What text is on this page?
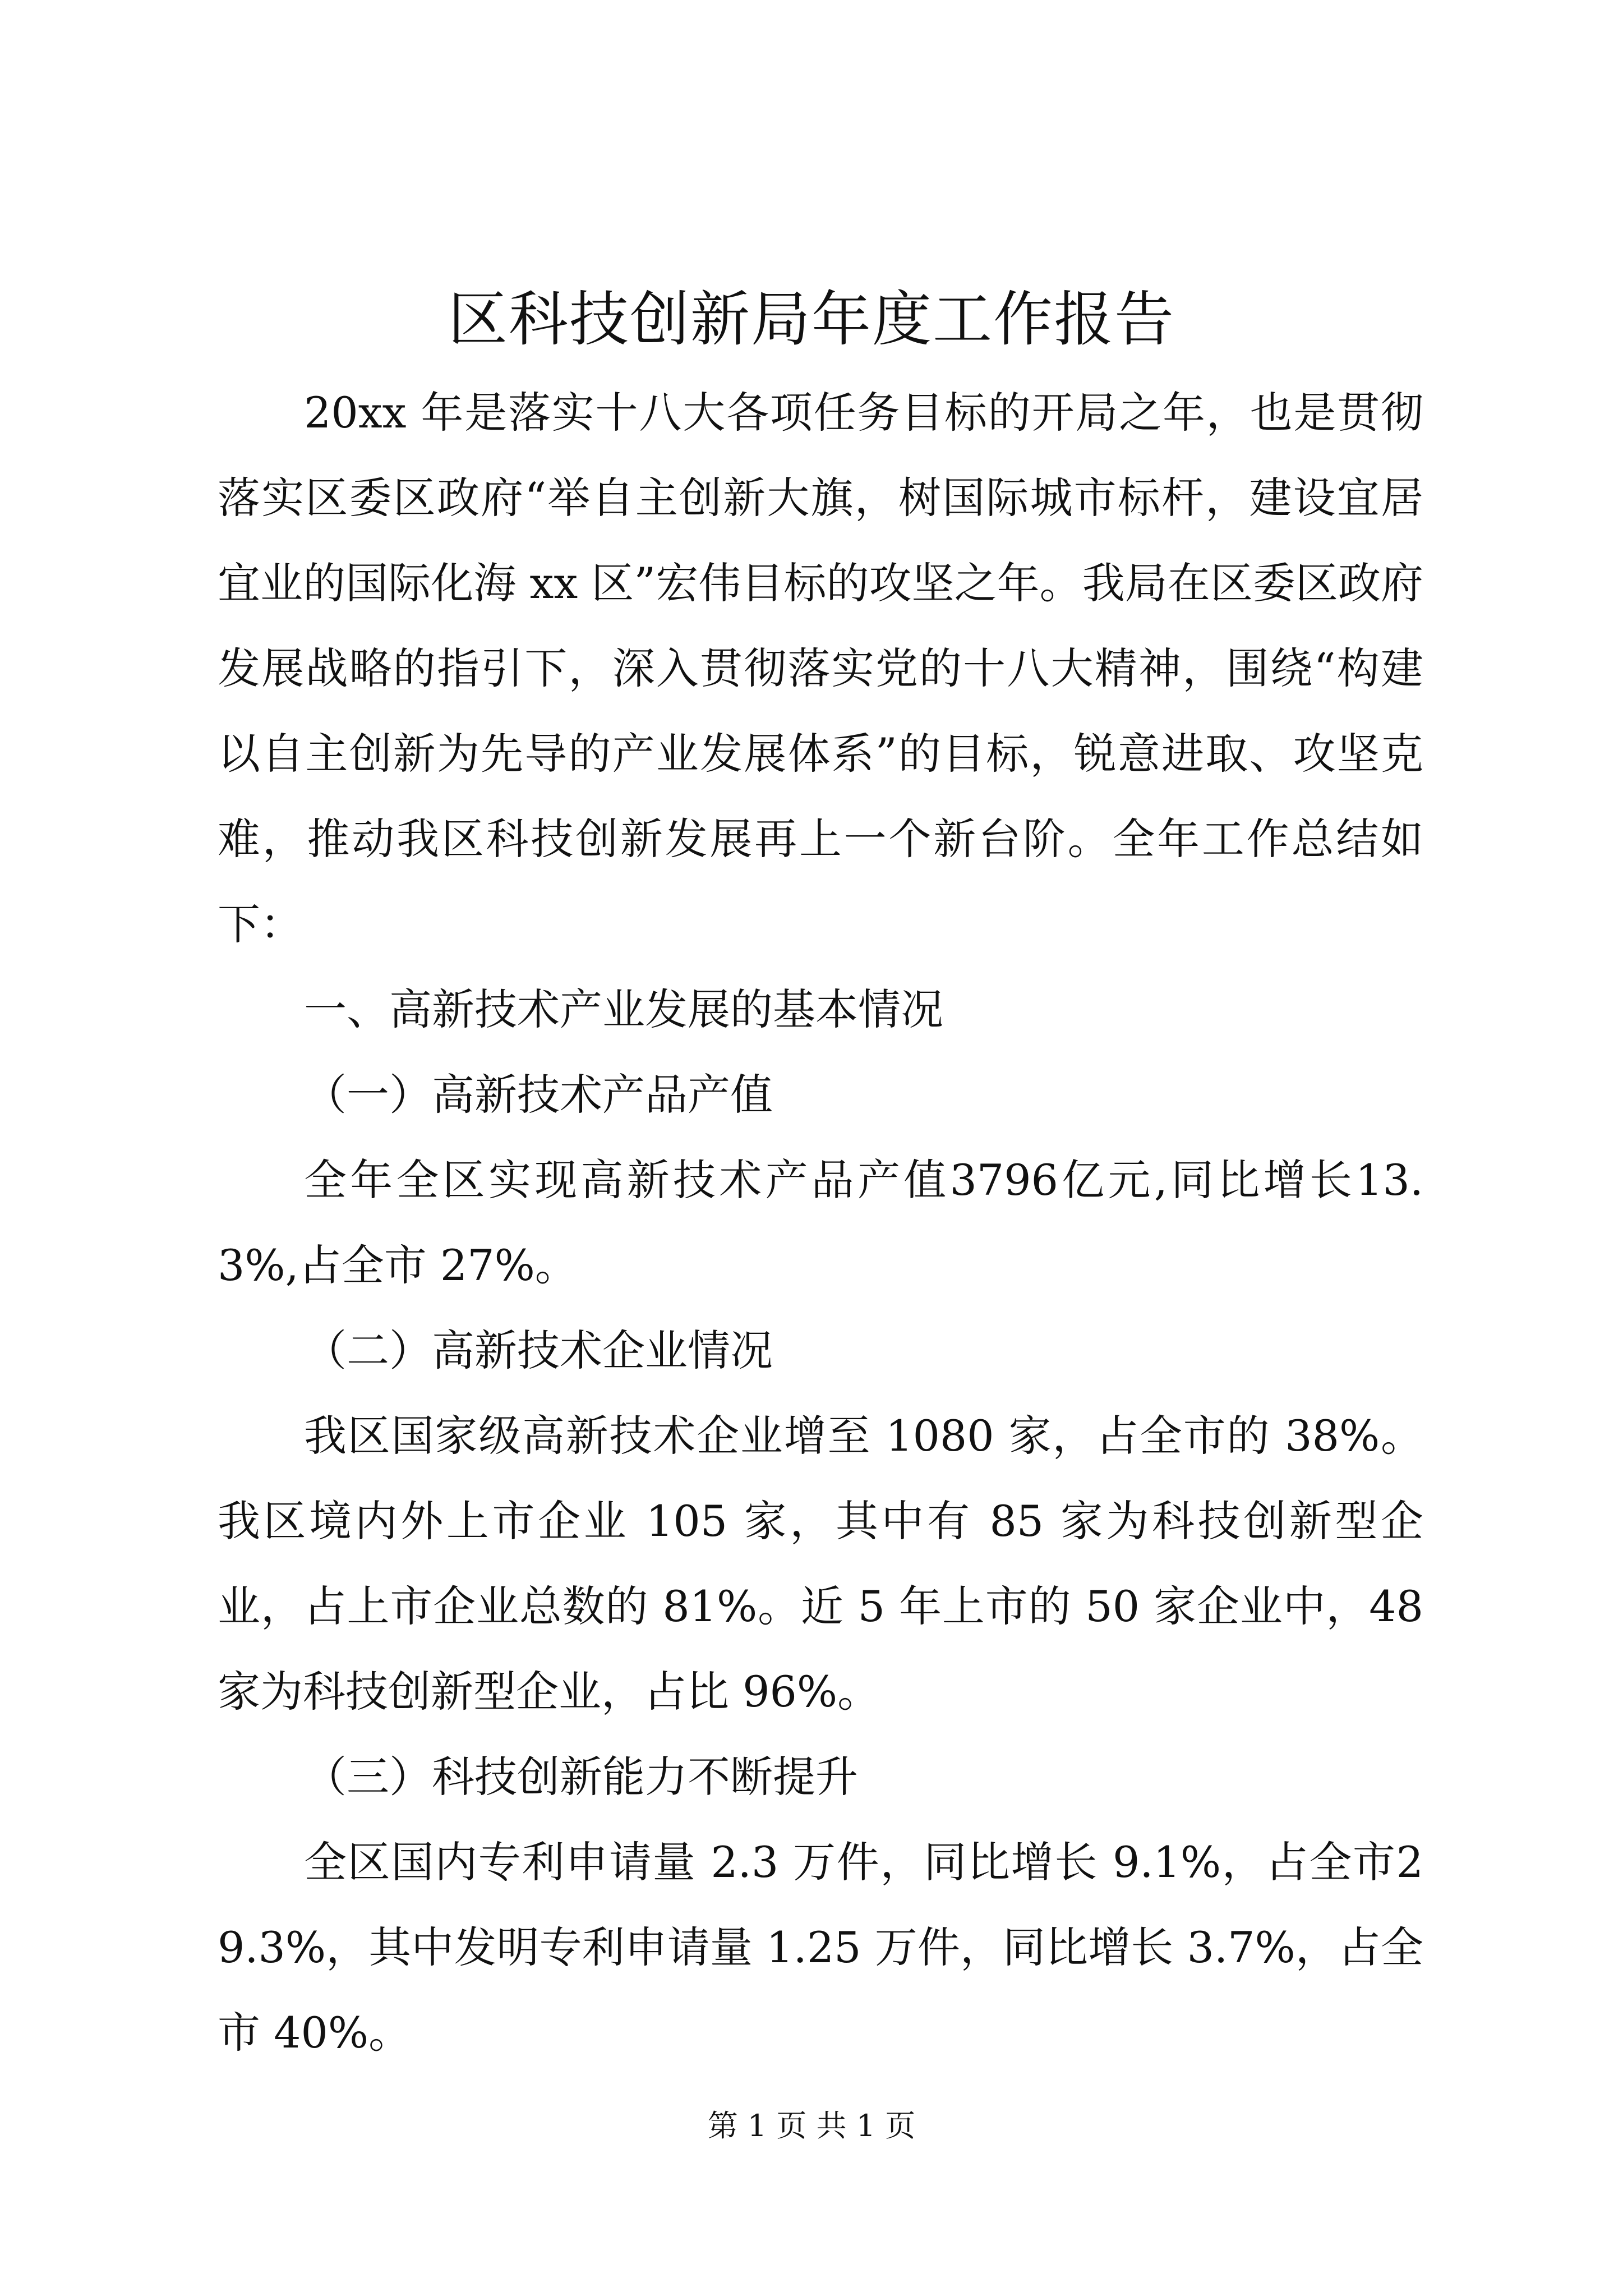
区科技创新局年度工作报告

20xx 年是落实十八大各项任务目标的开局之年，也是贯彻落实区委区政府“举自主创新大旗，树国际城市标杆，建设宜居宜业的国际化海 xx 区”宏伟目标的攻坚之年。我局在区委区政府发展战略的指引下，深入贯彻落实党的十八大精神，围绕“构建以自主创新为先导的产业发展体系”的目标，锐意进取、攻坚克难，推动我区科技创新发展再上一个新台阶。全年工作总结如下：

一、高新技术产业发展的基本情况

（一）高新技术产品产值

全年全区实现高新技术产品产值3796亿元,同比增长13.3%,占全市 27%。

（二）高新技术企业情况

我区国家级高新技术企业增至 1080 家，占全市的 38%。我区境内外上市企业 105 家，其中有 85 家为科技创新型企业，占上市企业总数的 81%。近 5 年上市的 50 家企业中，48 家为科技创新型企业，占比 96%。

（三）科技创新能力不断提升

全区国内专利申请量 2.3 万件，同比增长 9.1%，占全市29.3%，其中发明专利申请量 1.25 万件，同比增长 3.7%，占全市 40%。

第 1 页 共 1 页
